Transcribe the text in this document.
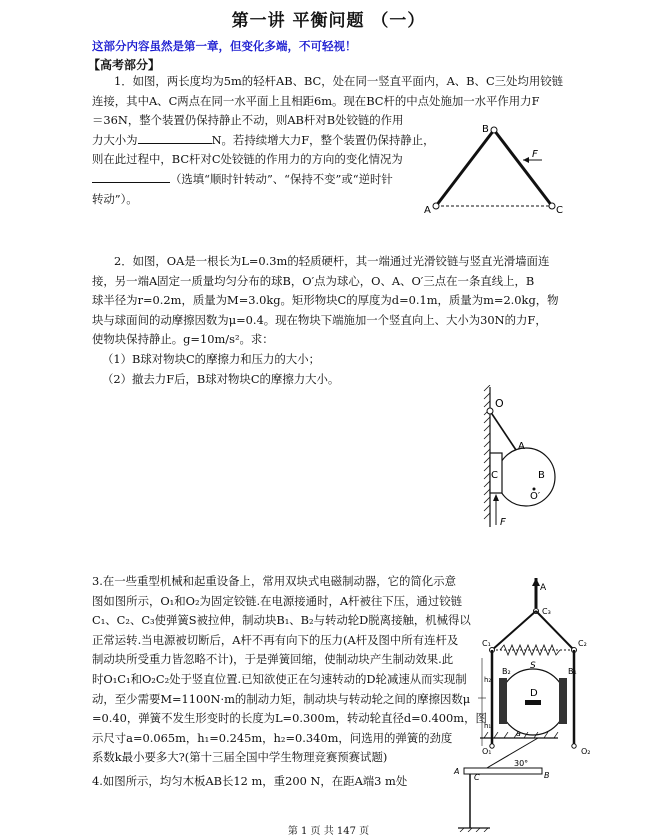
第一讲 平衡问题 （一）
这部分内容虽然是第一章，但变化多端，不可轻视！
【高考部分】
1．如图，两长度均为5m的轻杆AB、BC，处在同一竖直平面内，A、B、C三处均用铰链
连接，其中A、C两点在同一水平面上且相距6m。现在BC杆的中点处施加一水平作用力F
＝36N，整个装置仍保持静止不动，则AB杆对B处铰链的作用
力大小为	N。若持续增大力F，整个装置仍保持静止，
则在此过程中，BC杆对C处铰链的作用力的方向的变化情况为
（选填“顺时针转动”、“保持不变”或“逆时针
转动”）。
A
B
C
F
2．如图，OA是一根长为L=0.3m的轻质硬杆，其一端通过光滑铰链与竖直光滑墙面连
接，另一端A固定一质量均匀分布的球B，O′点为球心，O、A、O′三点在一条直线上，B
球半径为r=0.2m，质量为M=3.0kg。矩形物块C的厚度为d=0.1m，质量为m=2.0kg，物
块与球面间的动摩擦因数为μ=0.4。现在物块下端施加一个竖直向上、大小为30N的力F，
使物块保持静止。g=10m/s²。求：
（1）B球对物块C的摩擦力和压力的大小；
（2）撤去力F后，B球对物块C的摩擦力大小。
O
A
C	B
O′
F
3.在一些重型机械和起重设备上，常用双块式电磁制动器，它的简化示意
图如图所示，O₁和O₂为固定铰链.在电源接通时，A杆被往下压，通过铰链
C₁、C₂、C₃使弹簧S被拉伸，制动块B₁、B₂与转动轮D脱离接触，机械得以
正常运转.当电源被切断后，A杆不再有向下的压力(A杆及图中所有连杆及
制动块所受重力皆忽略不计)，于是弹簧回缩，使制动块产生制动效果.此
时O₁C₁和O₂C₂处于竖直位置.已知欲使正在匀速转动的D轮减速从而实现制
动，至少需要M=1100N·m的制动力矩，制动块与转动轮之间的摩擦因数μ
=0.40，弹簧不发生形变时的长度为L=0.300m，转动轮直径d=0.400m，图
示尺寸a=0.065m，h₁=0.245m，h₂=0.340m，问选用的弹簧的劲度
系数k最小要多大?(第十三届全国中学生物理竞赛预赛试题)
A
C₃
C₁	C₂
S
B₂	B₁
D
O₁	O₂
h₂
h₁
a
4.如图所示，均匀木板AB长12 m，重200 N，在距A端3 m处
A	B
C
30°
第 1 页 共 147 页
